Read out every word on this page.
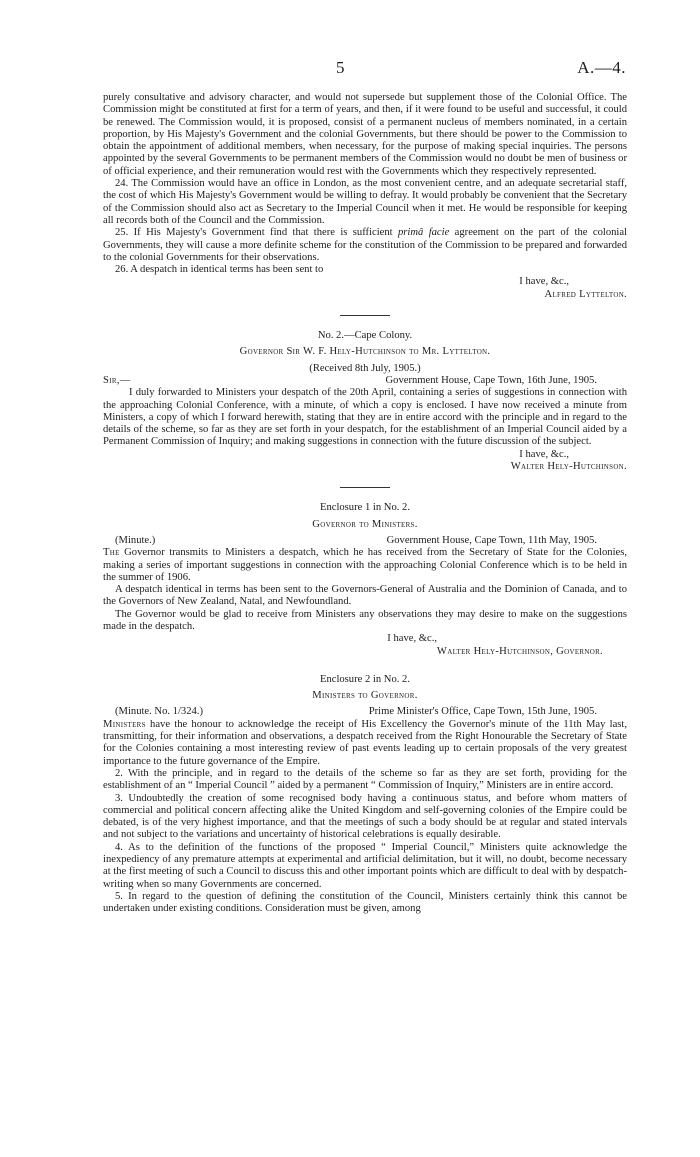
5	A.—4.

purely consultative and advisory character, and would not supersede but supplement those of the Colonial Office. The Commission might be constituted at first for a term of years, and then, if it were found to be useful and successful, it could be renewed. The Commission would, it is proposed, consist of a permanent nucleus of members nominated, in a certain proportion, by His Majesty's Government and the colonial Governments, but there should be power to the Commission to obtain the appointment of additional members, when necessary, for the purpose of making special inquiries. The persons appointed by the several Governments to be permanent members of the Commission would no doubt be men of business or of official experience, and their remuneration would rest with the Governments which they respectively represented.

24. The Commission would have an office in London, as the most convenient centre, and an adequate secretarial staff, the cost of which His Majesty's Government would be willing to defray. It would probably be convenient that the Secretary of the Commission should also act as Secretary to the Imperial Council when it met. He would be responsible for keeping all records both of the Council and the Commission.

25. If His Majesty's Government find that there is sufficient primâ facie agreement on the part of the colonial Governments, they will cause a more definite scheme for the constitution of the Commission to be prepared and forwarded to the colonial Governments for their observations.

26. A despatch in identical terms has been sent to

I have, &c.,

Alfred Lyttelton.

No. 2.—Cape Colony.

Governor Sir W. F. Hely-Hutchinson to Mr. Lyttelton.

(Received 8th July, 1905.)

Sir,—	Government House, Cape Town, 16th June, 1905.

I duly forwarded to Ministers your despatch of the 20th April, containing a series of suggestions in connection with the approaching Colonial Conference, with a minute, of which a copy is enclosed. I have now received a minute from Ministers, a copy of which I forward herewith, stating that they are in entire accord with the principle and in regard to the details of the scheme, so far as they are set forth in your despatch, for the establishment of an Imperial Council aided by a Permanent Commission of Inquiry; and making suggestions in connection with the future discussion of the subject.

I have, &c.,

Walter Hely-Hutchinson.

Enclosure 1 in No. 2.

Governor to Ministers.

(Minute.)	Government House, Cape Town, 11th May, 1905.

The Governor transmits to Ministers a despatch, which he has received from the Secretary of State for the Colonies, making a series of important suggestions in connection with the approaching Colonial Conference which is to be held in the summer of 1906.

A despatch identical in terms has been sent to the Governors-General of Australia and the Dominion of Canada, and to the Governors of New Zealand, Natal, and Newfoundland.

The Governor would be glad to receive from Ministers any observations they may desire to make on the suggestions made in the despatch.

I have, &c.,

Walter Hely-Hutchinson, Governor.

Enclosure 2 in No. 2.

Ministers to Governor.

(Minute. No. 1/324.)	Prime Minister's Office, Cape Town, 15th June, 1905.

Ministers have the honour to acknowledge the receipt of His Excellency the Governor's minute of the 11th May last, transmitting, for their information and observations, a despatch received from the Right Honourable the Secretary of State for the Colonies containing a most interesting review of past events leading up to certain proposals of the very greatest importance to the future governance of the Empire.

2. With the principle, and in regard to the details of the scheme so far as they are set forth, providing for the establishment of an “ Imperial Council ” aided by a permanent “ Commission of Inquiry,” Ministers are in entire accord.

3. Undoubtedly the creation of some recognised body having a continuous status, and before whom matters of commercial and political concern affecting alike the United Kingdom and self-governing colonies of the Empire could be debated, is of the very highest importance, and that the meetings of such a body should be at regular and stated intervals and not subject to the variations and uncertainty of historical celebrations is equally desirable.

4. As to the definition of the functions of the proposed “ Imperial Council,” Ministers quite acknowledge the inexpediency of any premature attempts at experimental and artificial delimitation, but it will, no doubt, become necessary at the first meeting of such a Council to discuss this and other important points which are difficult to deal with by despatch-writing when so many Governments are concerned.

5. In regard to the question of defining the constitution of the Council, Ministers certainly think this cannot be undertaken under existing conditions. Consideration must be given, among
